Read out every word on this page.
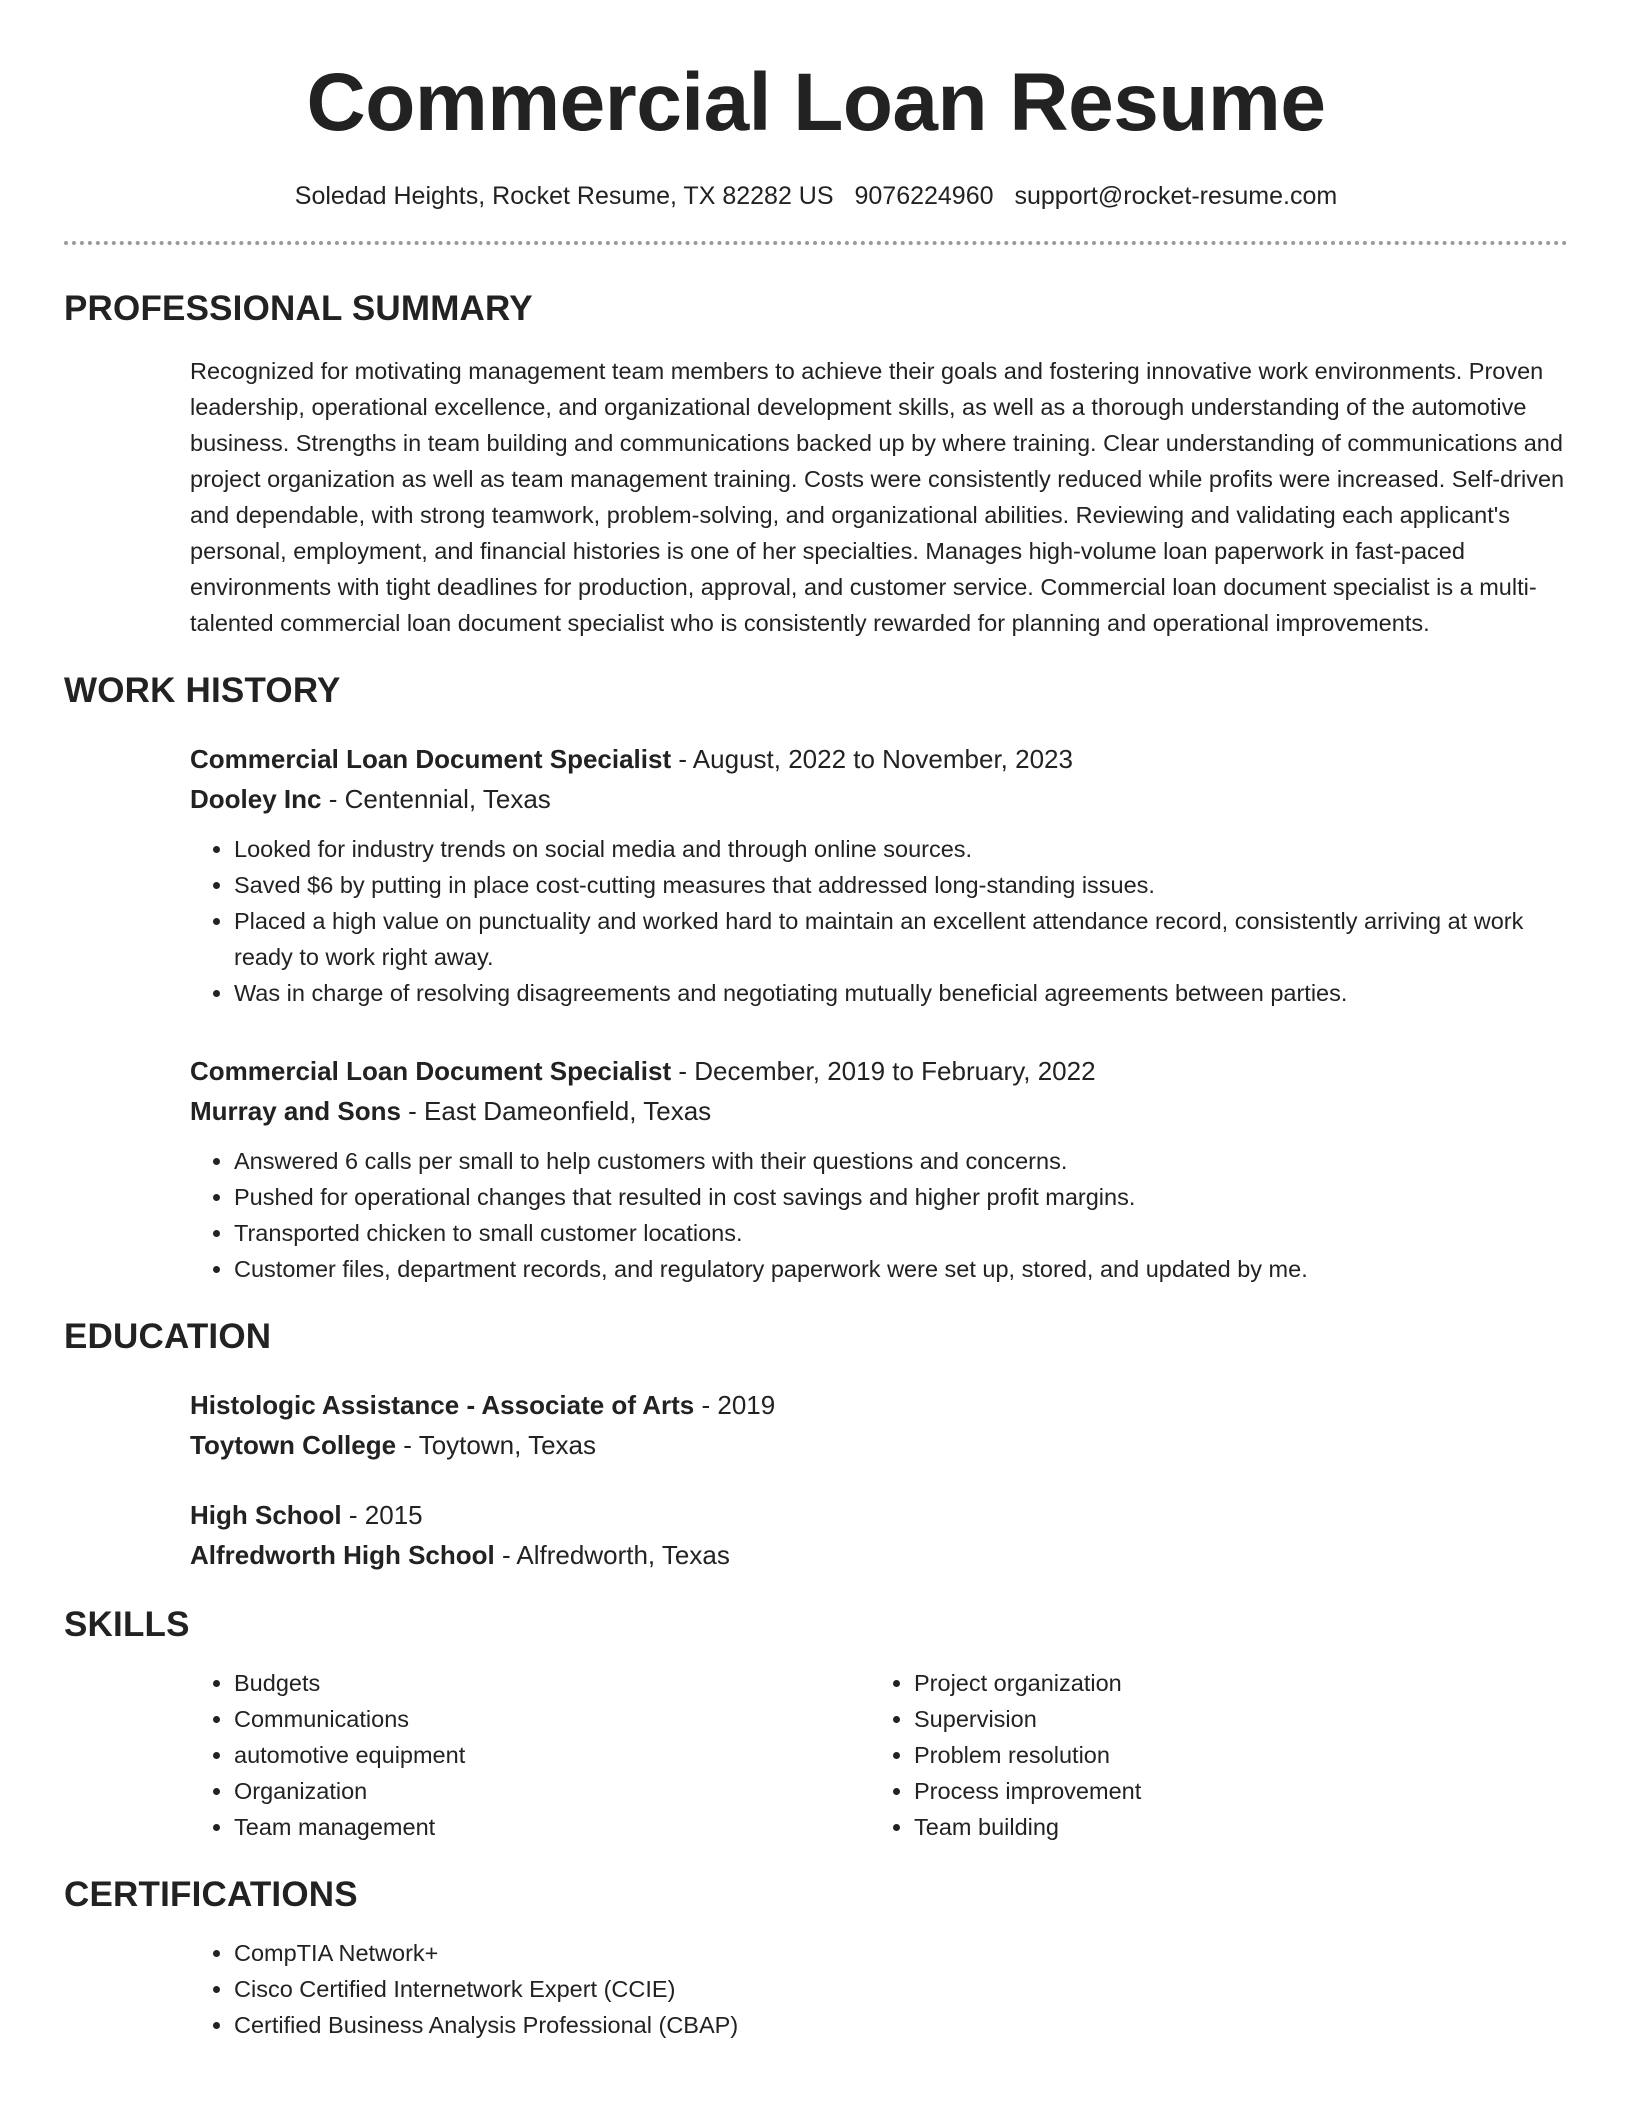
Commercial Loan Resume
Soledad Heights, Rocket Resume, TX 82282 US 9076224960 support@rocket-resume.com
PROFESSIONAL SUMMARY
Recognized for motivating management team members to achieve their goals and fostering innovative work environments. Proven leadership, operational excellence, and organizational development skills, as well as a thorough understanding of the automotive business. Strengths in team building and communications backed up by where training. Clear understanding of communications and project organization as well as team management training. Costs were consistently reduced while profits were increased. Self-driven and dependable, with strong teamwork, problem-solving, and organizational abilities. Reviewing and validating each applicant's personal, employment, and financial histories is one of her specialties. Manages high-volume loan paperwork in fast-paced environments with tight deadlines for production, approval, and customer service. Commercial loan document specialist is a multi-talented commercial loan document specialist who is consistently rewarded for planning and operational improvements.
WORK HISTORY
Commercial Loan Document Specialist - August, 2022 to November, 2023
Dooley Inc - Centennial, Texas
• Looked for industry trends on social media and through online sources.
• Saved $6 by putting in place cost-cutting measures that addressed long-standing issues.
• Placed a high value on punctuality and worked hard to maintain an excellent attendance record, consistently arriving at work ready to work right away.
• Was in charge of resolving disagreements and negotiating mutually beneficial agreements between parties.
Commercial Loan Document Specialist - December, 2019 to February, 2022
Murray and Sons - East Dameonfield, Texas
• Answered 6 calls per small to help customers with their questions and concerns.
• Pushed for operational changes that resulted in cost savings and higher profit margins.
• Transported chicken to small customer locations.
• Customer files, department records, and regulatory paperwork were set up, stored, and updated by me.
EDUCATION
Histologic Assistance - Associate of Arts - 2019
Toytown College - Toytown, Texas
High School - 2015
Alfredworth High School - Alfredworth, Texas
SKILLS
• Budgets
• Communications
• automotive equipment
• Organization
• Team management
• Project organization
• Supervision
• Problem resolution
• Process improvement
• Team building
CERTIFICATIONS
• CompTIA Network+
• Cisco Certified Internetwork Expert (CCIE)
• Certified Business Analysis Professional (CBAP)
